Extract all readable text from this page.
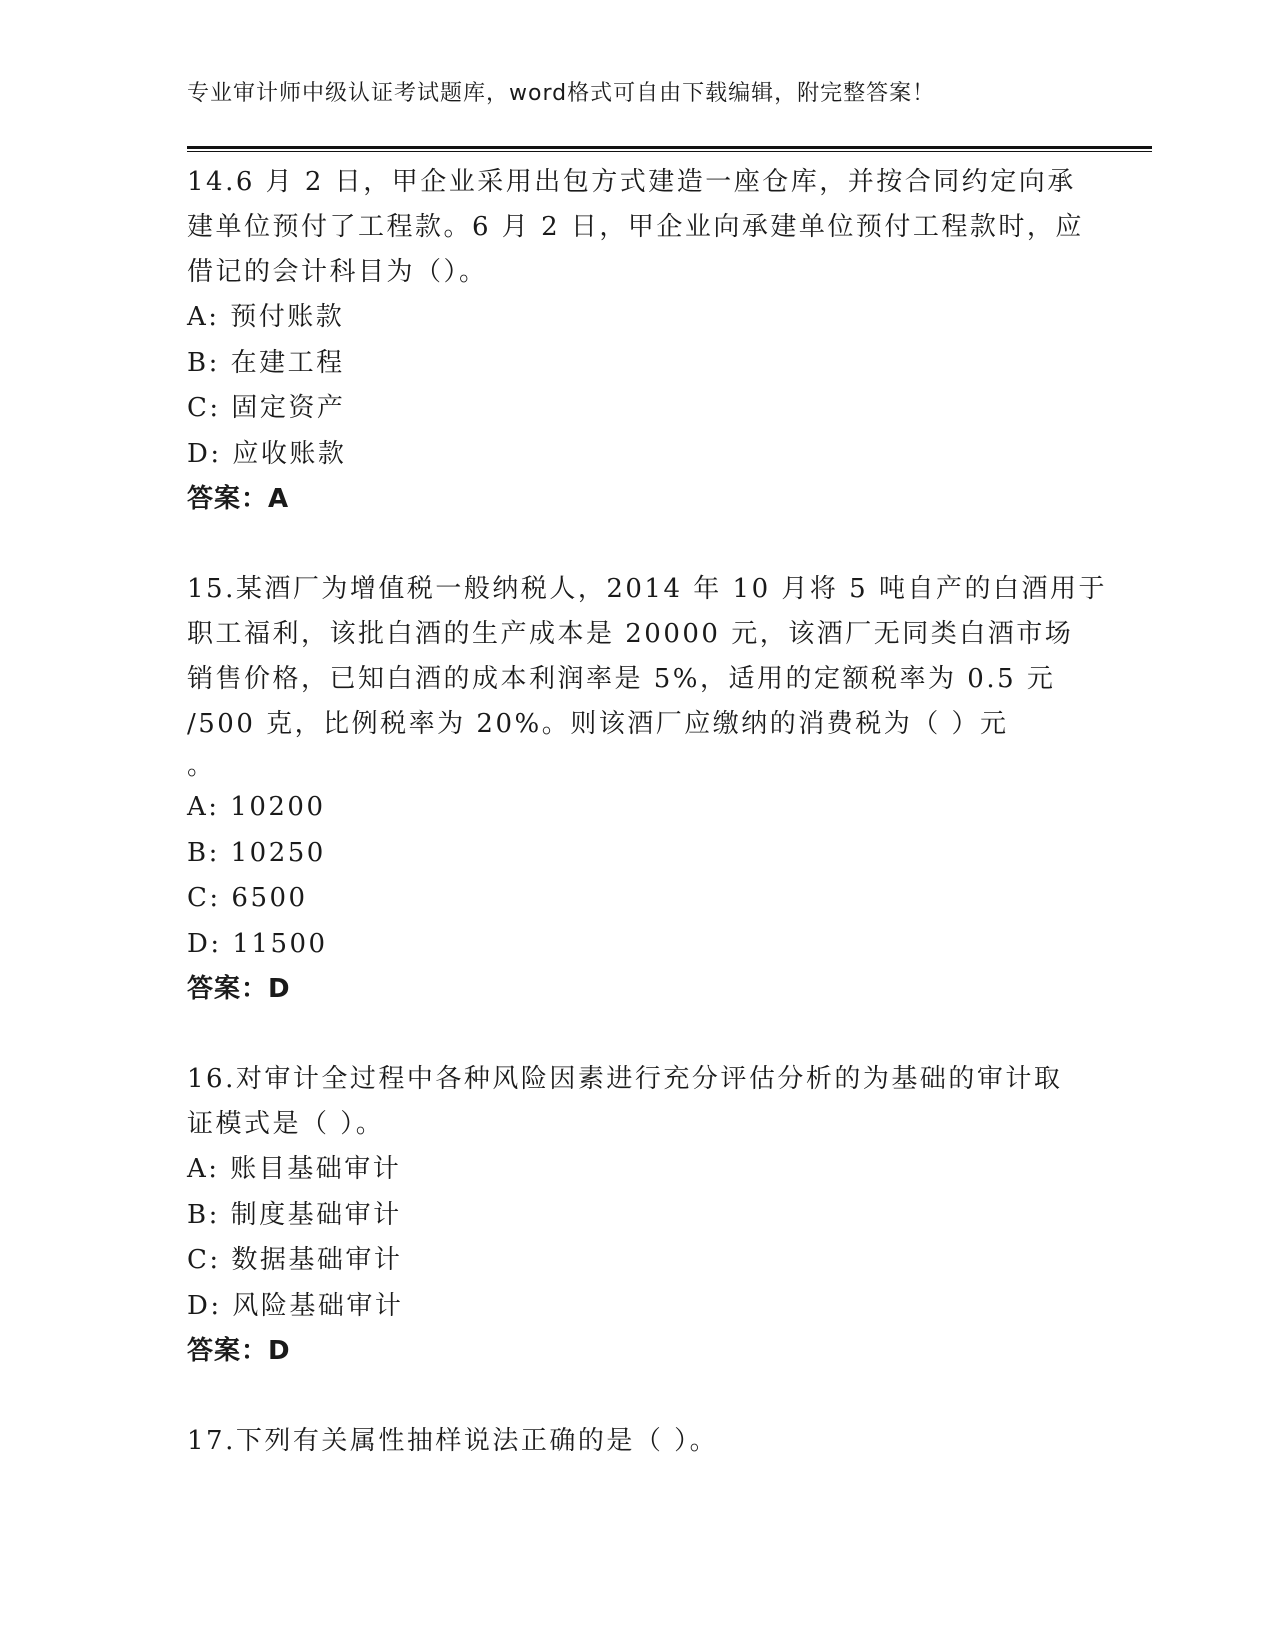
专业审计师中级认证考试题库，word格式可自由下载编辑，附完整答案！
14.6 月 2 日，甲企业采用出包方式建造一座仓库，并按合同约定向承
建单位预付了工程款。6 月 2 日，甲企业向承建单位预付工程款时，应
借记的会计科目为（）。
A: 预付账款
B: 在建工程
C: 固定资产
D: 应收账款
答案：A
15.某酒厂为增值税一般纳税人，2014 年 10 月将 5 吨自产的白酒用于
职工福利，该批白酒的生产成本是 20000 元，该酒厂无同类白酒市场
销售价格，已知白酒的成本利润率是 5%，适用的定额税率为 0.5 元
/500 克，比例税率为 20%。则该酒厂应缴纳的消费税为（ ）元
。
A: 10200
B: 10250
C: 6500
D: 11500
答案：D
16.对审计全过程中各种风险因素进行充分评估分析的为基础的审计取
证模式是（ ）。
A: 账目基础审计
B: 制度基础审计
C: 数据基础审计
D: 风险基础审计
答案：D
17.下列有关属性抽样说法正确的是（ ）。
